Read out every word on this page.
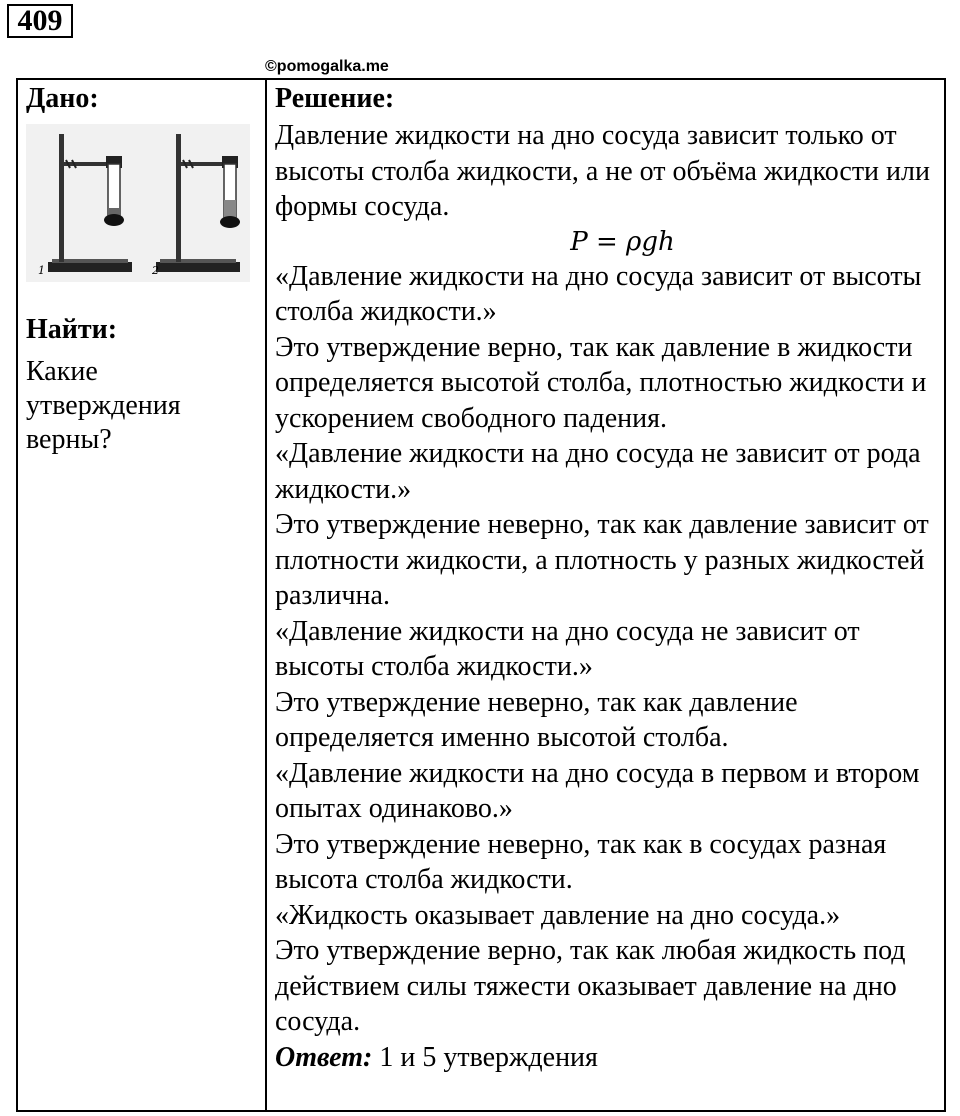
409
©pomogalka.me
Дано:
1	2
Найти:
Какие утверждения верны?
Решение:

Давление жидкости на дно сосуда зависит только от высоты столба жидкости, а не от объёма жидкости или формы сосуда.

P = ρgh

«Давление жидкости на дно сосуда зависит от высоты столба жидкости.»

Это утверждение верно, так как давление в жидкости определяется высотой столба, плотностью жидкости и ускорением свободного падения.

«Давление жидкости на дно сосуда не зависит от рода жидкости.»

Это утверждение неверно, так как давление зависит от плотности жидкости, а плотность у разных жидкостей различна.

«Давление жидкости на дно сосуда не зависит от высоты столба жидкости.»

Это утверждение неверно, так как давление определяется именно высотой столба.

«Давление жидкости на дно сосуда в первом и втором опытах одинаково.»

Это утверждение неверно, так как в сосудах разная высота столба жидкости.

«Жидкость оказывает давление на дно сосуда.»

Это утверждение верно, так как любая жидкость под действием силы тяжести оказывает давление на дно сосуда.

Ответ: 1 и 5 утверждения
